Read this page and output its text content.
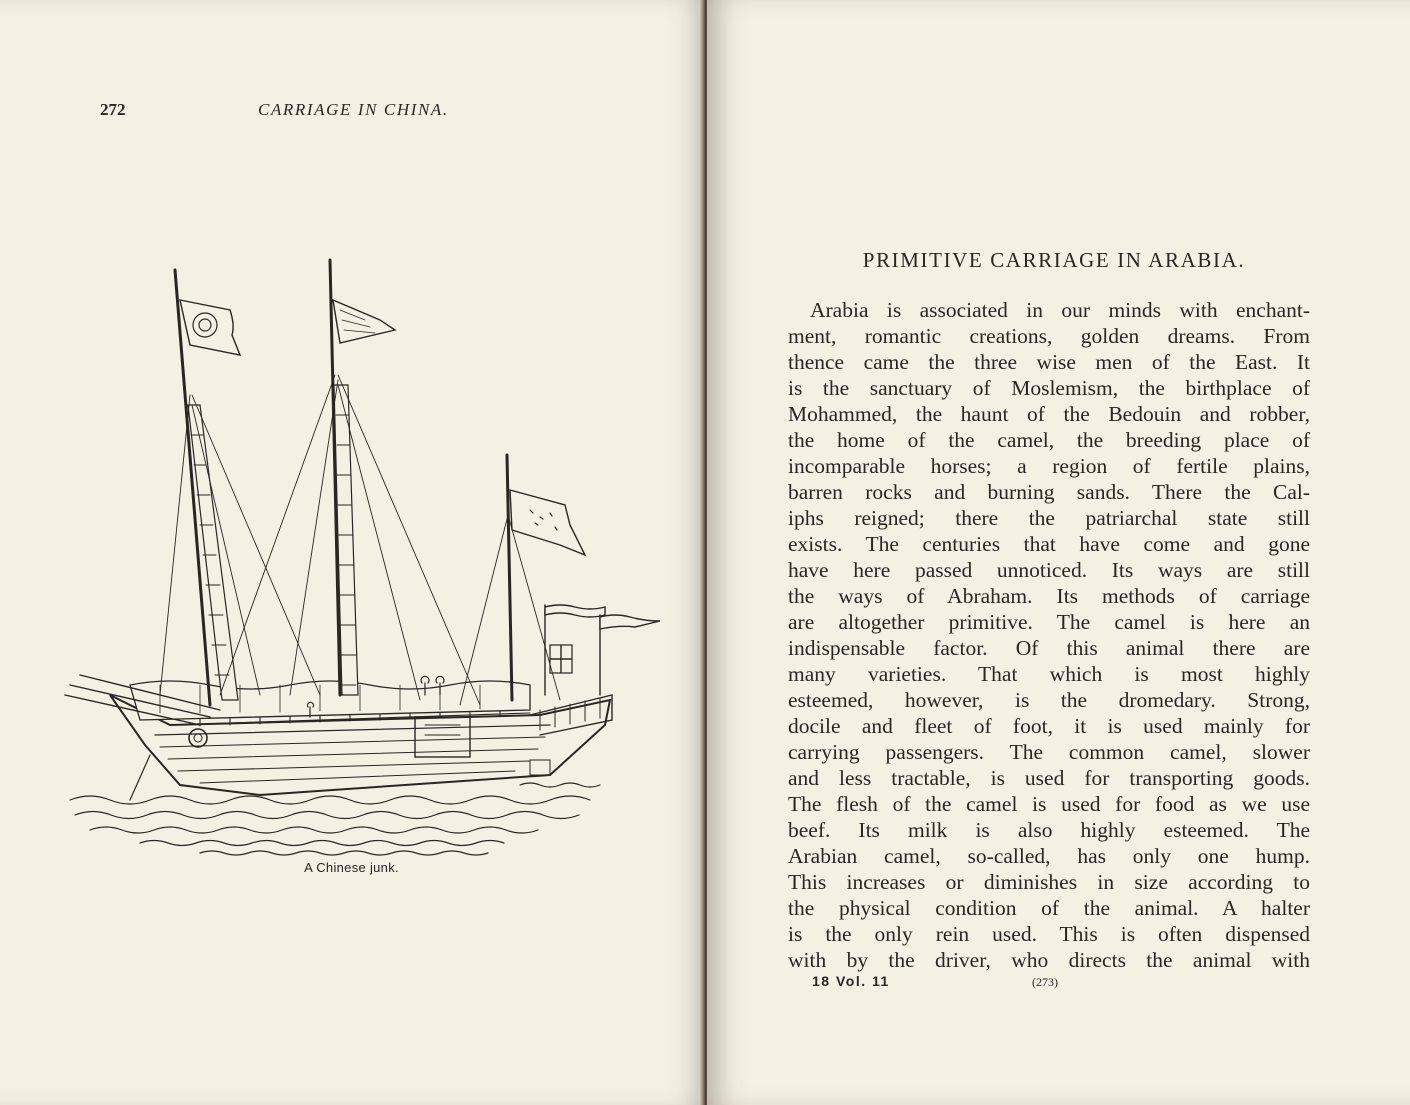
272	CARRIAGE IN CHINA.
A Chinese junk.
PRIMITIVE CARRIAGE IN ARABIA.
Arabia is associated in our minds with enchant-
ment, romantic creations, golden dreams. From
thence came the three wise men of the East. It
is the sanctuary of Moslemism, the birthplace of
Mohammed, the haunt of the Bedouin and robber,
the home of the camel, the breeding place of
incomparable horses; a region of fertile plains,
barren rocks and burning sands. There the Cal-
iphs reigned; there the patriarchal state still
exists. The centuries that have come and gone
have here passed unnoticed. Its ways are still
the ways of Abraham. Its methods of carriage
are altogether primitive. The camel is here an
indispensable factor. Of this animal there are
many varieties. That which is most highly
esteemed, however, is the dromedary. Strong,
docile and fleet of foot, it is used mainly for
carrying passengers. The common camel, slower
and less tractable, is used for transporting goods.
The flesh of the camel is used for food as we use
beef. Its milk is also highly esteemed. The
Arabian camel, so-called, has only one hump.
This increases or diminishes in size according to
the physical condition of the animal. A halter
is the only rein used. This is often dispensed
with by the driver, who directs the animal with
18 Vol. 11	(273)
